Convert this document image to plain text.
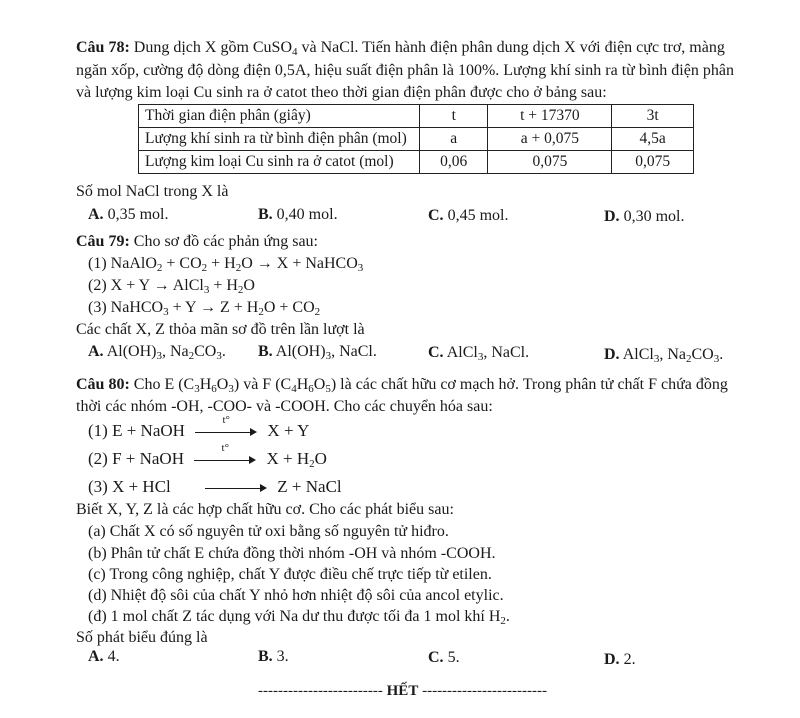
Câu 78: Dung dịch X gồm CuSO$_4$ và NaCl. Tiến hành điện phân dung dịch X với điện cực trơ, màng
ngăn xốp, cường độ dòng điện 0,5A, hiệu suất điện phân là 100%. Lượng khí sinh ra từ bình điện phân
và lượng kim loại Cu sinh ra ở catot theo thời gian điện phân được cho ở bảng sau:
Thời gian điện phân (giây)	t	t + 17370	3t
Lượng khí sinh ra từ bình điện phân (mol)	a	a + 0,075	4,5a
Lượng kim loại Cu sinh ra ở catot (mol)	0,06	0,075	0,075
Số mol NaCl trong X là
A. 0,35 mol.	B. 0,40 mol.	C. 0,45 mol.	D. 0,30 mol.
Câu 79: Cho sơ đồ các phản ứng sau:
(1) NaAlO$_2$ + $CO_2 + H_2O \to X$ + NaHCO$_3$
(2) X + Y → AlCl$_3$ + $H_2O$
(3) NaHCO$_3$ + $Y \to Z + H_2O + CO_2$
Các chất X, Z thỏa mãn sơ đồ trên lần lượt là
A. $Al(OH)_3$, $Na_2CO_3$. B. $Al(OH)_3$, NaCl.	C. AlCl$_3$, NaCl.	D. AlCl$_3$, $Na_2CO_3$.
Câu 80: Cho E $(C_3H_6O_3)$ và F $(C_4H_6O_5)$ là các chất hữu cơ mạch hở. Trong phân tử chất F chứa đồng
thời các nhóm -OH, -COO- và -COOH. Cho các chuyển hóa sau:
(1) E + NaOH
t°
X + Y
(2) F + NaOH
t°
$X + H_2O$
(3) X + HCl	Z + NaCl
Biết X, Y, Z là các hợp chất hữu cơ. Cho các phát biểu sau:
(a) Chất X có số nguyên tử oxi bằng số nguyên tử hiđro.
(b) Phân tử chất E chứa đồng thời nhóm -OH và nhóm -COOH.
(c) Trong công nghiệp, chất Y được điều chế trực tiếp từ etilen.
(d) Nhiệt độ sôi của chất Y nhỏ hơn nhiệt độ sôi của ancol etylic.
(đ) 1 mol chất Z tác dụng với Na dư thu được tối đa 1 mol khí $H_2$.
Số phát biểu đúng là
A. 4.	B. 3.	C. 5.	D. 2.
------------------------- HẾT -------------------------
